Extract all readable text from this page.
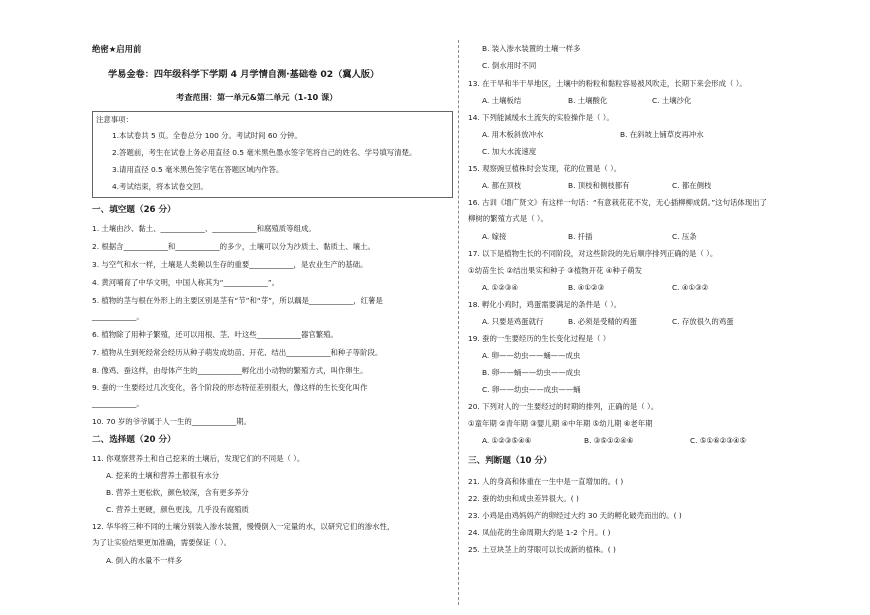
绝密★启用前
学易金卷：四年级科学下学期 4 月学情自测·基础卷 02（冀人版）
考查范围：第一单元&第二单元（1-10 课）
注意事项：
1.本试卷共 5 页。全卷总分 100 分。考试时间 60 分钟。
2.答题前，考生在试卷上务必用直径 0.5 毫米黑色墨水签字笔将自己的姓名、学号填写清楚。
3.请用直径 0.5 毫米黑色签字笔在答题区域内作答。
4.考试结束，将本试卷交回。
一、填空题（26 分）
1. 土壤由沙、黏土、____________、____________和腐殖质等组成。
2. 根据含____________和____________的多少，土壤可以分为沙质土、黏质土、壤土。
3. 与空气和水一样，土壤是人类赖以生存的重要____________，是农业生产的基础。
4. 黄河哺育了中华文明，中国人称其为“____________”。
5. 植物的茎与根在外形上的主要区别是茎有“节”和“芽”，所以藕是____________，红薯是
____________。
6. 植物除了用种子繁殖，还可以用根、茎、叶这些____________器官繁殖。
7. 植物从生到死经常会经历从种子萌发成幼苗、开花、结出____________和种子等阶段。
8. 像鸡、蚕这样，由母体产生的____________孵化出小动物的繁殖方式，叫作卵生。
9. 蚕的一生要经过几次变化，各个阶段的形态特征差别很大，像这样的生长变化叫作
____________。
10. 70 岁的爷爷属于人一生的____________期。
二、选择题（20 分）
11. 你观察营养土和自己挖来的土壤后，发现它们的不同是（ ）。
A. 挖来的土壤和营养土都很有水分
B. 营养土更松软，颜色较深，含有更多养分
C. 营养土更硬，颜色更浅，几乎没有腐殖质
12. 华华将三种不同的土壤分别装入渗水装置，慢慢倒入一定量的水，以研究它们的渗水性，
为了让实验结果更加准确，需要保证（ ）。
A. 倒入的水量不一样多
B. 装入渗水装置的土壤一样多
C. 倒水用时不同
13. 在干旱和半干旱地区，土壤中的粉粒和黏粒容易被风吹走，长期下来会形成（ ）。
A. 土壤板结	B. 土壤酸化	C. 土壤沙化
14. 下列能減缓水土流失的实验操作是（ ）。
A. 用木板斜放冲水	B. 在斜坡上铺草皮再冲水
C. 加大水流速度
15. 观察豌豆植株时会发现，花的位置是（ ）。
A. 都在顶枝	B. 顶枝和侧枝都有	C. 都在侧枝
16. 古训《增广贤文》有这样一句话：“有意栽花花不发，无心插柳柳成荫。”这句话体现出了
柳树的繁殖方式是（ ）。
A. 嫁接	B. 扦插	C. 压条
17. 以下是植物生长的不同阶段，对这些阶段的先后顺序排列正确的是（ ）。
①幼苗生长 ②结出果实和种子 ③植物开花 ④种子萌发
A. ①②③④	B. ④①②③	C. ④①③②
18. 孵化小鸡时，鸡蛋需要满足的条件是（ ）。
A. 只要是鸡蛋就行	B. 必须是受精的鸡蛋	C. 存放很久的鸡蛋
19. 蚕的一生要经历的生长变化过程是（ ）
A. 卵——幼虫——蛹——成虫
B. 卵——蛹——幼虫——成虫
C. 卵——幼虫——成虫——蛹
20. 下列对人的一生要经过的时期的排列，正确的是（ ）。
①童年期 ②青年期 ③婴儿期 ④中年期 ⑤幼儿期 ⑥老年期
A. ①②③⑤④⑥	B. ③⑤①②④⑥	C. ⑤①⑥②③④⑤
三、判断题（10 分）
21. 人的身高和体重在一生中是一直增加的。( )
22. 蚕的幼虫和成虫差异很大。( )
23. 小鸡是由鸡妈妈产的卵经过大约 30 天的孵化破壳而出的。( )
24. 凤仙花的生命周期大约是 1-2 个月。( )
25. 土豆块茎上的芽眼可以长成新的植株。( )
